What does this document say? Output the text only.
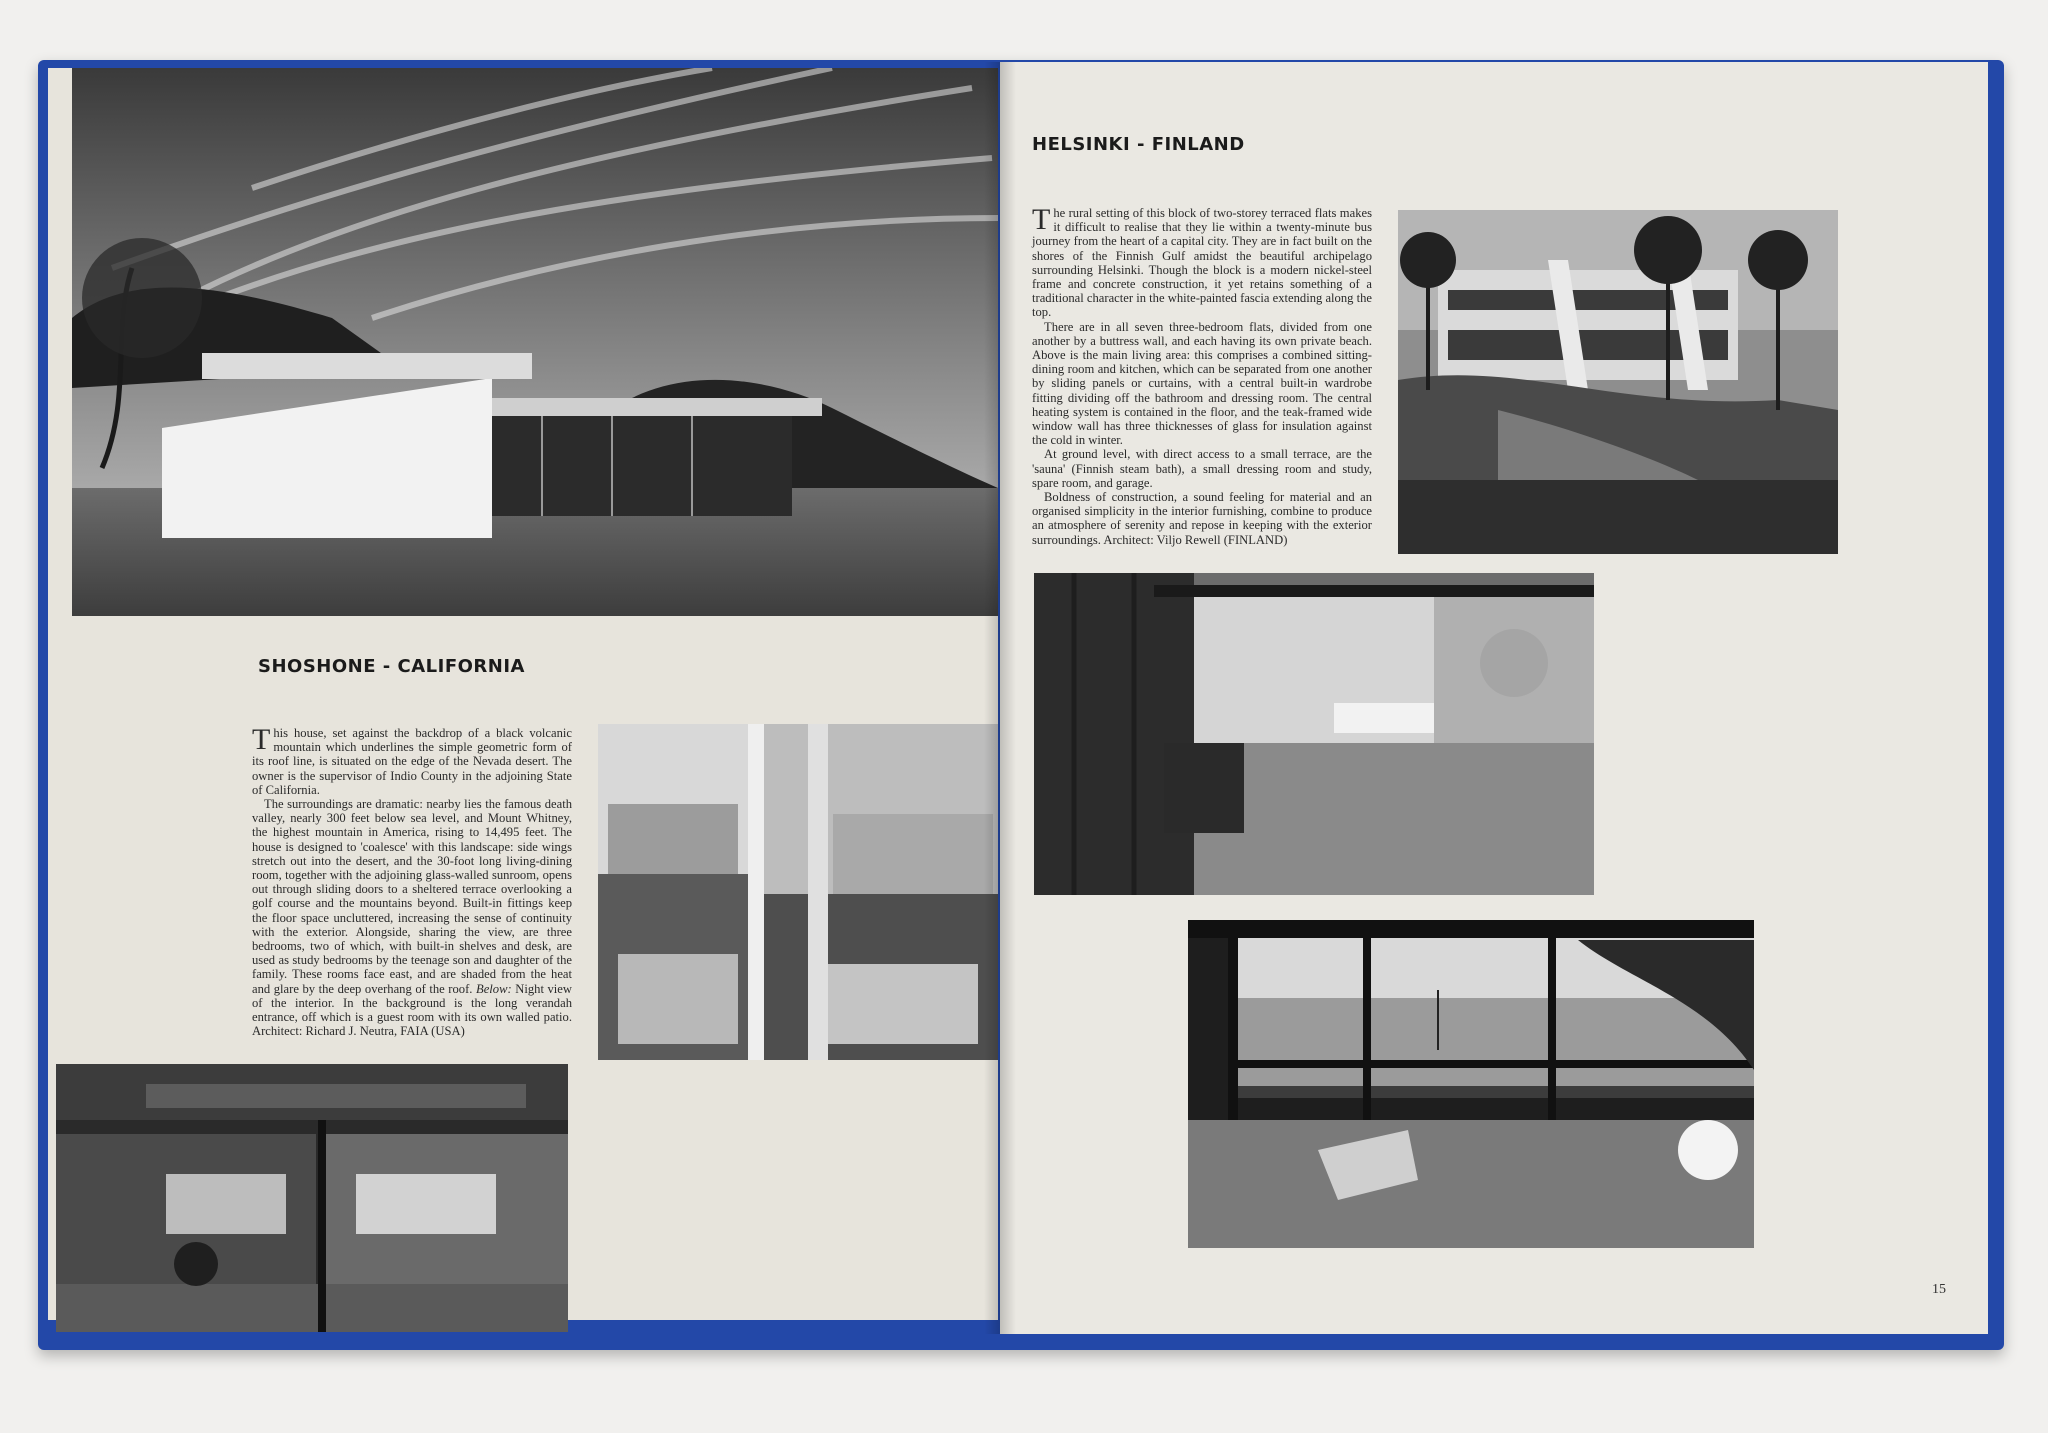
SHOSHONE - CALIFORNIA

This house, set against the backdrop of a black volcanic mountain which underlines the simple geometric form of its roof line, is situated on the edge of the Nevada desert. The owner is the supervisor of Indio County in the adjoining State of California.

The surroundings are dramatic: nearby lies the famous death valley, nearly 300 feet below sea level, and Mount Whitney, the highest mountain in America, rising to 14,495 feet. The house is designed to 'coalesce' with this landscape: side wings stretch out into the desert, and the 30-foot long living-dining room, together with the adjoining glass-walled sunroom, opens out through sliding doors to a sheltered terrace overlooking a golf course and the mountains beyond. Built-in fittings keep the floor space uncluttered, increasing the sense of continuity with the exterior. Alongside, sharing the view, are three bedrooms, two of which, with built-in shelves and desk, are used as study bedrooms by the teenage son and daughter of the family. These rooms face east, and are shaded from the heat and glare by the deep overhang of the roof. Below: Night view of the interior. In the background is the long verandah entrance, off which is a guest room with its own walled patio. Architect: Richard J. Neutra, FAIA (USA)

HELSINKI - FINLAND

The rural setting of this block of two-storey terraced flats makes it difficult to realise that they lie within a twenty-minute bus journey from the heart of a capital city. They are in fact built on the shores of the Finnish Gulf amidst the beautiful archipelago surrounding Helsinki. Though the block is a modern nickel-steel frame and concrete construction, it yet retains something of a traditional character in the white-painted fascia extending along the top.

There are in all seven three-bedroom flats, divided from one another by a buttress wall, and each having its own private beach. Above is the main living area: this comprises a combined sitting-dining room and kitchen, which can be separated from one another by sliding panels or curtains, with a central built-in wardrobe fitting dividing off the bathroom and dressing room. The central heating system is contained in the floor, and the teak-framed wide window wall has three thicknesses of glass for insulation against the cold in winter.

At ground level, with direct access to a small terrace, are the 'sauna' (Finnish steam bath), a small dressing room and study, spare room, and garage.

Boldness of construction, a sound feeling for material and an organised simplicity in the interior furnishing, combine to produce an atmosphere of serenity and repose in keeping with the exterior surroundings. Architect: Viljo Rewell (FINLAND)

15
